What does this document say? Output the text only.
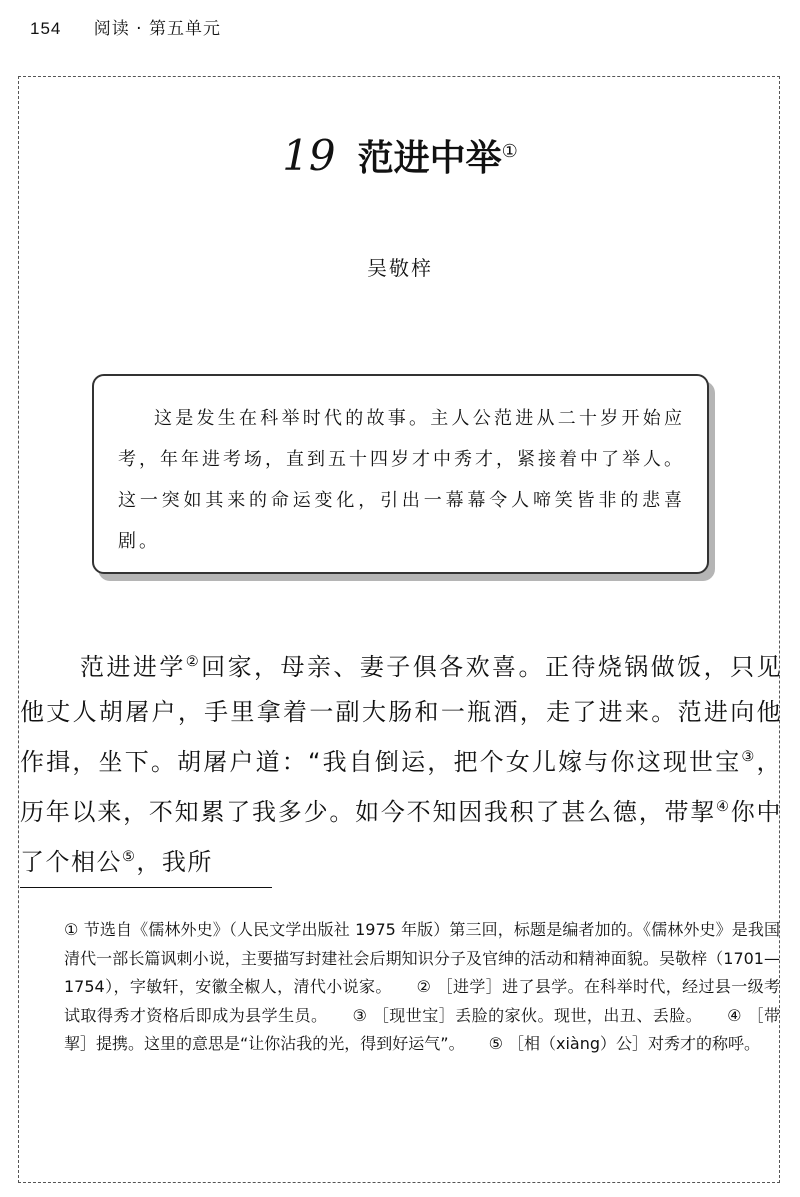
154 阅读 · 第五单元
19 范进中举①
吴敬梓
这是发生在科举时代的故事。主人公范进从二十岁开始应考，年年进考场，直到五十四岁才中秀才，紧接着中了举人。这一突如其来的命运变化，引出一幕幕令人啼笑皆非的悲喜剧。
范进进学②回家，母亲、妻子俱各欢喜。正待烧锅做饭，只见他丈人胡屠户，手里拿着一副大肠和一瓶酒，走了进来。范进向他作揖，坐下。胡屠户道：“我自倒运，把个女儿嫁与你这现世宝③，历年以来，不知累了我多少。如今不知因我积了甚么德，带挈④你中了个相公⑤，我所
① 节选自《儒林外史》（人民文学出版社 1975 年版）第三回，标题是编者加的。《儒林外史》是我国清代一部长篇讽刺小说，主要描写封建社会后期知识分子及官绅的活动和精神面貌。吴敬梓（1701—1754），字敏轩，安徽全椒人，清代小说家。　　② ［进学］进了县学。在科举时代，经过县一级考试取得秀才资格后即成为县学生员。　　③ ［现世宝］丢脸的家伙。现世，出丑、丢脸。　　④ ［带挈］提携。这里的意思是“让你沾我的光，得到好运气”。　　⑤ ［相（xiàng）公］对秀才的称呼。
